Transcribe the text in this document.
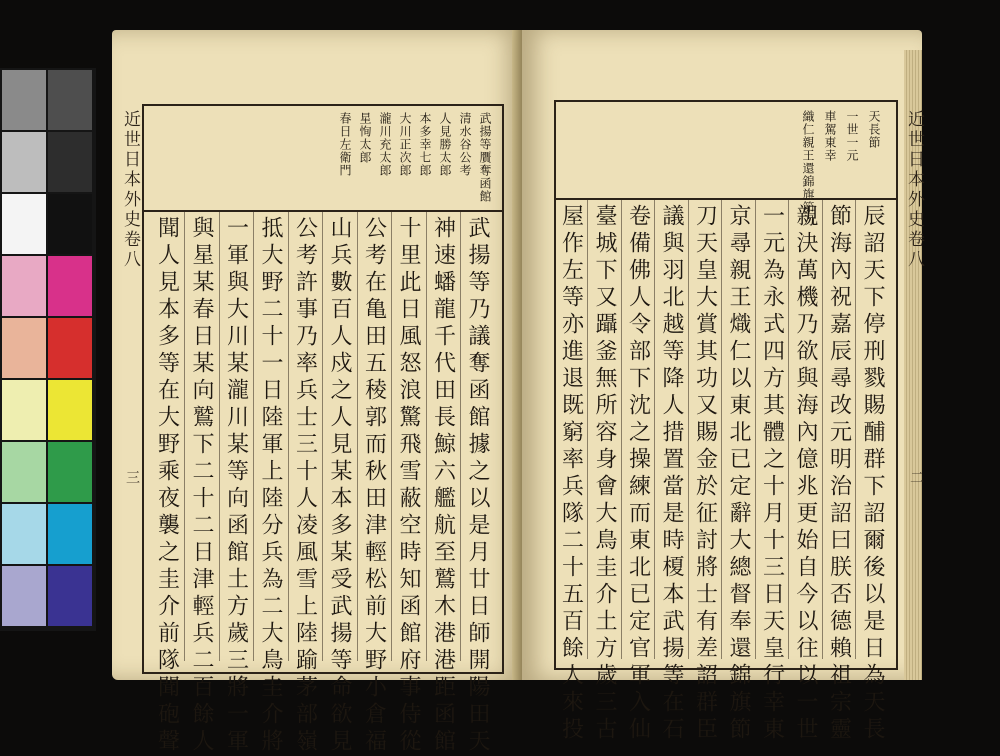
近世日本外史卷八
三
武揚等贋奪函館
清水谷公考
人見勝太郎
本多幸七郎
大川正次郎
瀧川充太郎
星恂太郎
春日左衛門
武揚等乃議奪函館據之以是月廿日師開陽田天
神速蟠龍千代田長鯨六艦航至鷲木港港距函館
十里此日風怒浪驚飛雪蔽空時知函館府事侍從
公考在亀田五稜郭而秋田津輕松前大野小倉福
山兵數百人戍之人見某本多某受武揚等命欲見
公考許事乃率兵士三十人凌風雪上陸踰茅部嶺
抵大野二十一日陸軍上陸分兵為二大鳥圭介將
一軍與大川某瀧川某等向函館土方歲三將一軍
與星某春日某向鷲下二十二日津輕兵二百餘人
聞人見本多等在大野乘夜襲之圭介前隊聞砲聲
近世日本外史卷八
二
天長節
一世一元
車駕東幸
織仁親王還錦旗節刀
辰詔天下停刑戮賜酺群下詔爾後以是日為天長
節海內祝嘉辰尋改元明治詔曰朕否德賴祖宗靈
親決萬機乃欲與海內億兆更始自今以往以一世
一元為永式四方其體之十月十三日天皇行幸東
京尋親王熾仁以東北已定辭大總督奉還錦旗節
刀天皇大賞其功又賜金於征討將士有差詔群臣
議與羽北越等降人措置當是時榎本武揚等在石
卷備佛人令部下沈之操練而東北已定官軍入仙
臺城下又躡釜無所容身會大鳥圭介土方歲三古
屋作左等亦進退既窮率兵隊二十五百餘人來投
